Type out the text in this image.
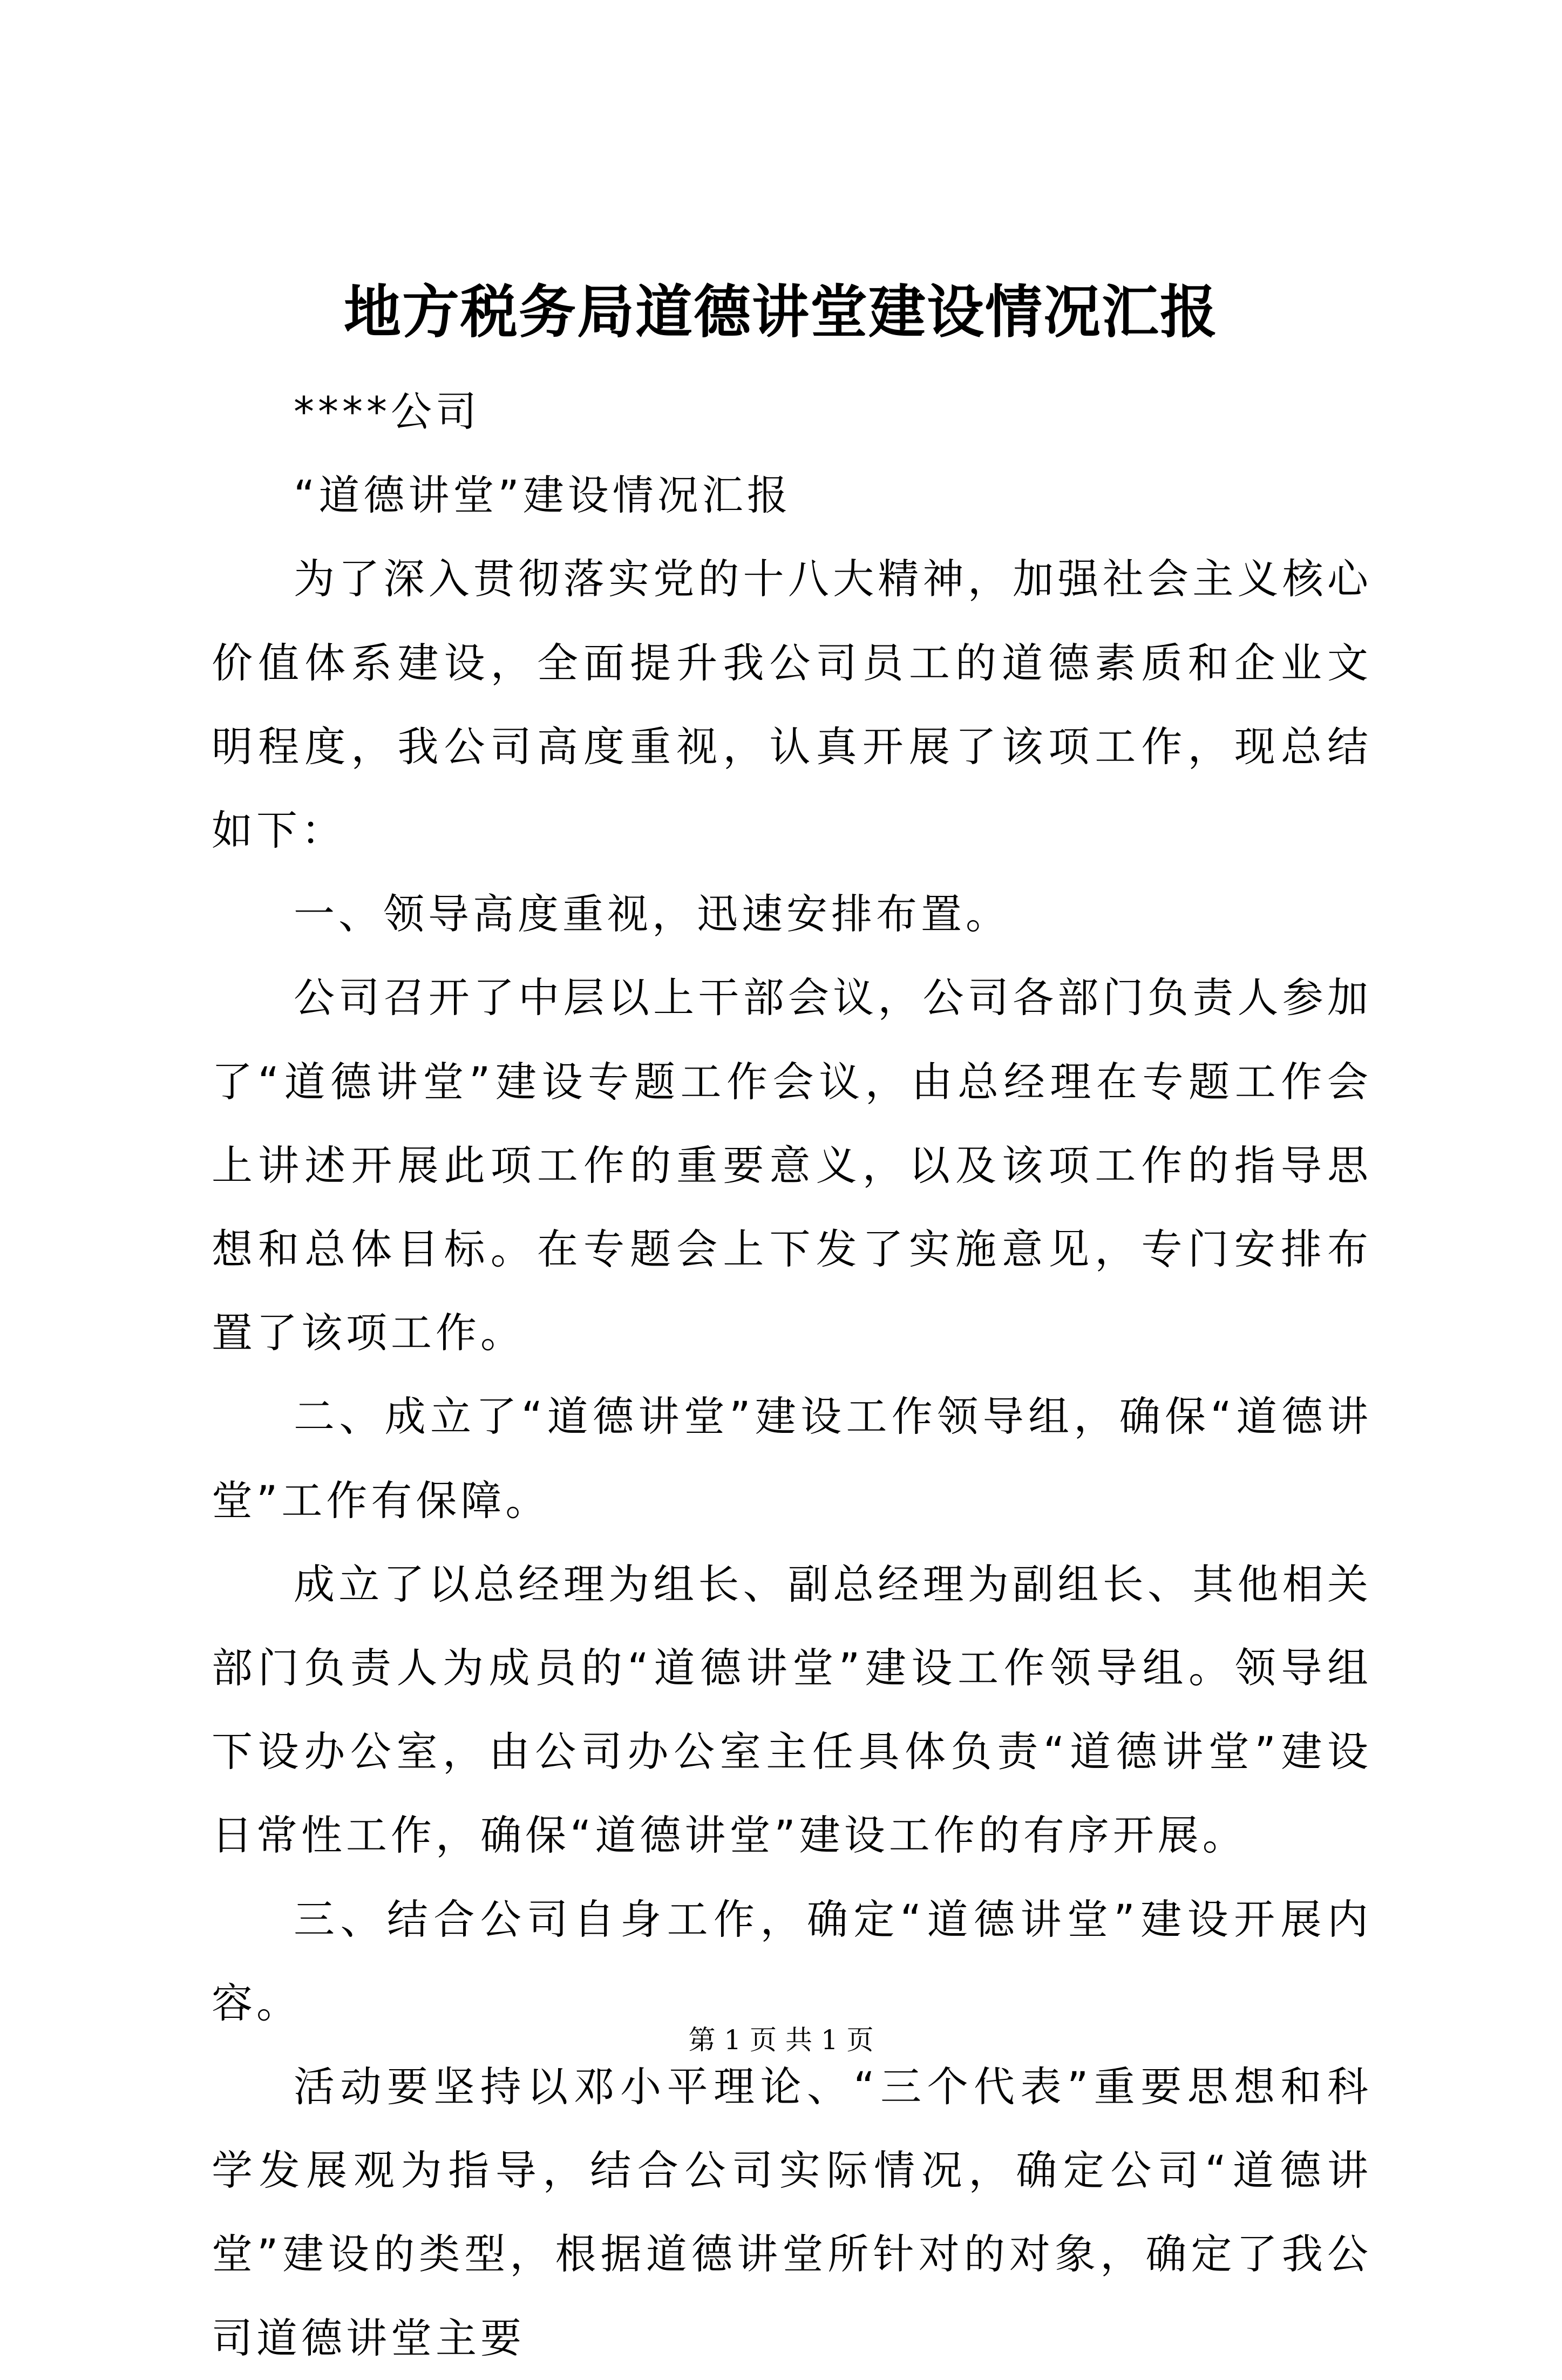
地方税务局道德讲堂建设情况汇报

****公司

“道德讲堂”建设情况汇报

为了深入贯彻落实党的十八大精神，加强社会主义核心价值体系建设，全面提升我公司员工的道德素质和企业文明程度，我公司高度重视，认真开展了该项工作，现总结如下：

一、领导高度重视，迅速安排布置。

公司召开了中层以上干部会议，公司各部门负责人参加了“道德讲堂”建设专题工作会议，由总经理在专题工作会上讲述开展此项工作的重要意义，以及该项工作的指导思想和总体目标。在专题会上下发了实施意见，专门安排布置了该项工作。

二、成立了“道德讲堂”建设工作领导组，确保“道德讲堂”工作有保障。

成立了以总经理为组长、副总经理为副组长、其他相关部门负责人为成员的“道德讲堂”建设工作领导组。领导组下设办公室，由公司办公室主任具体负责“道德讲堂”建设日常性工作，确保“道德讲堂”建设工作的有序开展。

三、结合公司自身工作，确定“道德讲堂”建设开展内容。

活动要坚持以邓小平理论、“三个代表”重要思想和科学发展观为指导，结合公司实际情况，确定公司“道德讲堂”建设的类型，根据道德讲堂所针对的对象，确定了我公司道德讲堂主要

第 1 页 共 1 页
